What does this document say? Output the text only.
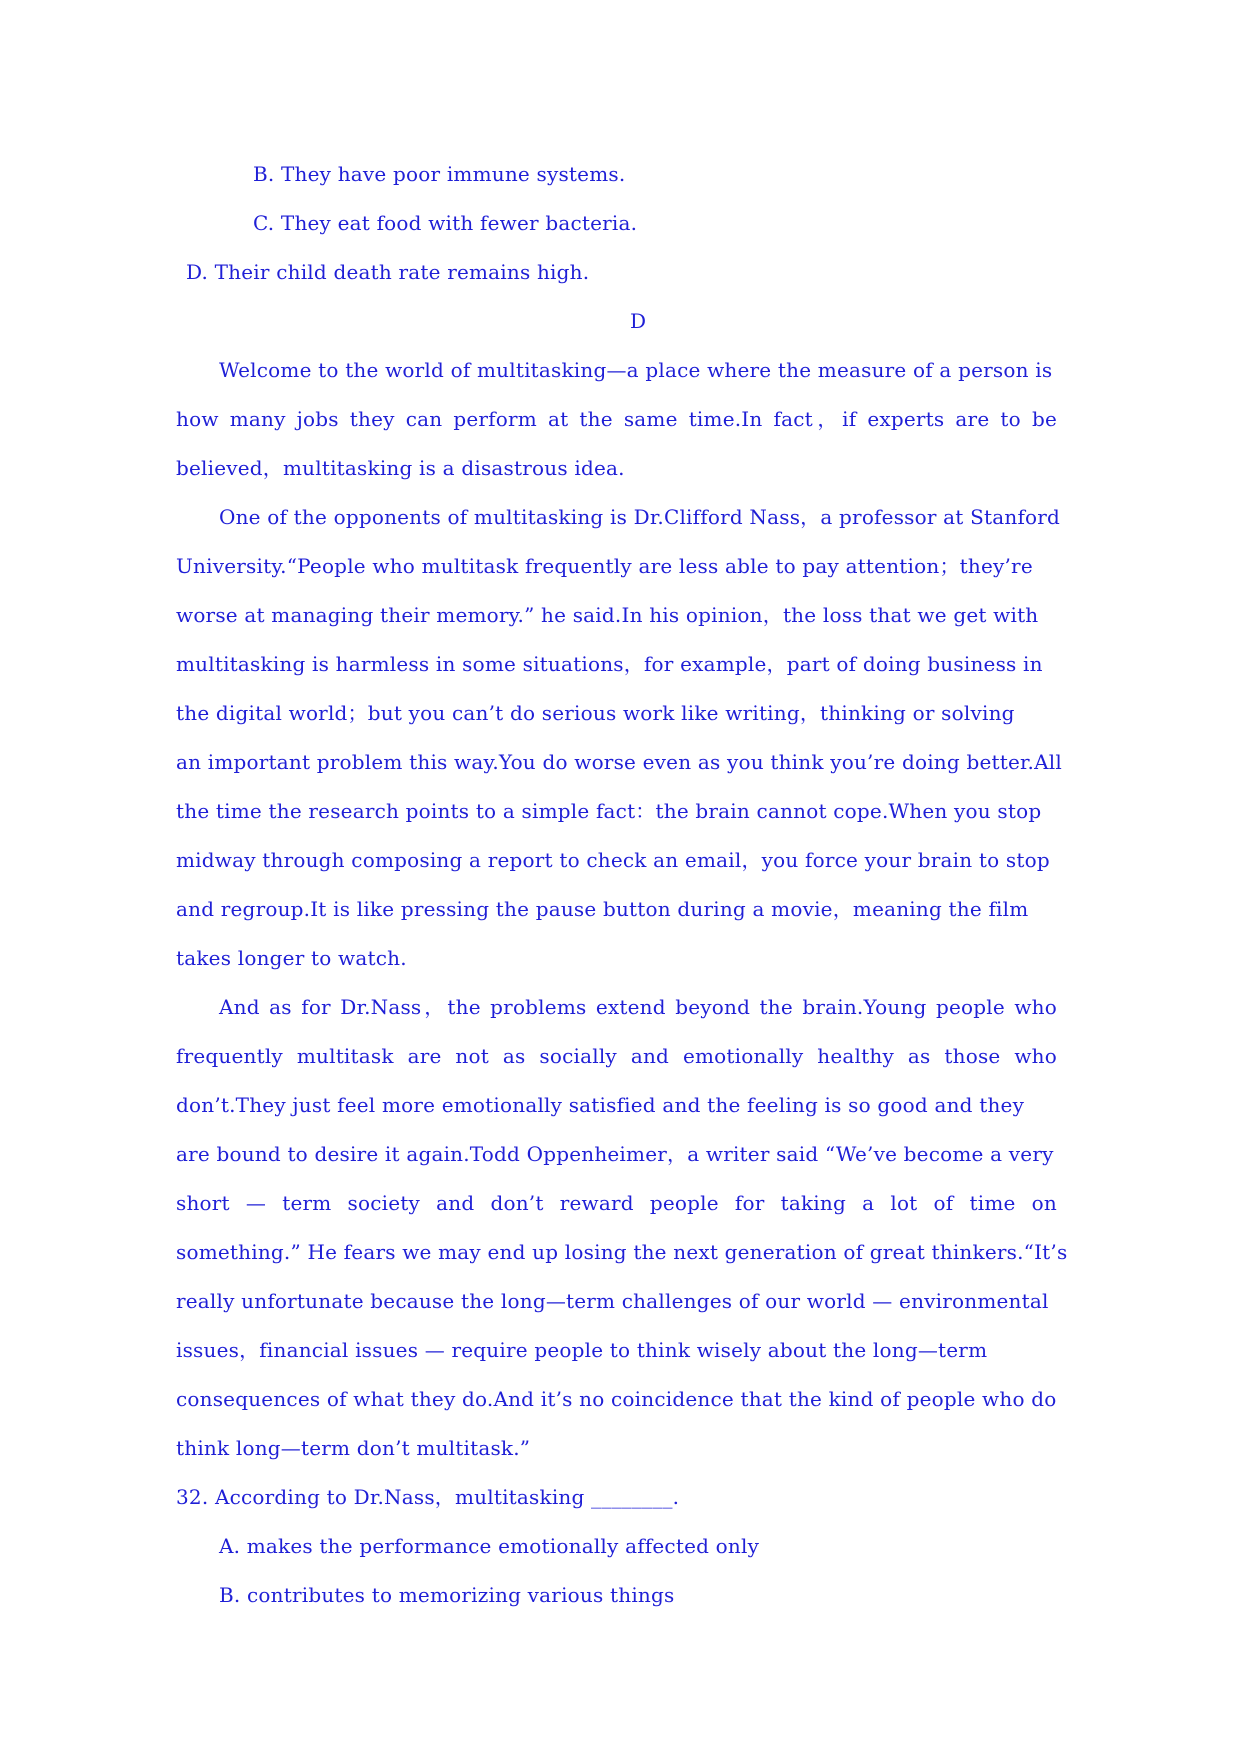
B. They have poor immune systems.
C. They eat food with fewer bacteria.
D. Their child death rate remains high.
D
Welcome to the world of multitasking—a place where the measure of a person is
how many jobs they can perform at the same time.In fact，if experts are to be
believed，multitasking is a disastrous idea.
One of the opponents of multitasking is Dr.Clifford Nass，a professor at Stanford
University.“People who multitask frequently are less able to pay attention；they’re
worse at managing their memory.” he said.In his opinion，the loss that we get with
multitasking is harmless in some situations，for example，part of doing business in
the digital world；but you can’t do serious work like writing，thinking or solving
an important problem this way.You do worse even as you think you’re doing better.All
the time the research points to a simple fact：the brain cannot cope.When you stop
midway through composing a report to check an email，you force your brain to stop
and regroup.It is like pressing the pause button during a movie，meaning the film
takes longer to watch.
And as for Dr.Nass，the problems extend beyond the brain.Young people who
frequently multitask are not as socially and emotionally healthy as those who
don’t.They just feel more emotionally satisfied and the feeling is so good and they
are bound to desire it again.Todd Oppenheimer，a writer said “We’ve become a very
short — term society and don’t reward people for taking a lot of time on
something.” He fears we may end up losing the next generation of great thinkers.“It’s
really unfortunate because the long—term challenges of our world — environmental
issues，financial issues — require people to think wisely about the long—term
consequences of what they do.And it’s no coincidence that the kind of people who do
think long—term don’t multitask.”
32. According to Dr.Nass，multitasking ________.
A. makes the performance emotionally affected only
B. contributes to memorizing various things
